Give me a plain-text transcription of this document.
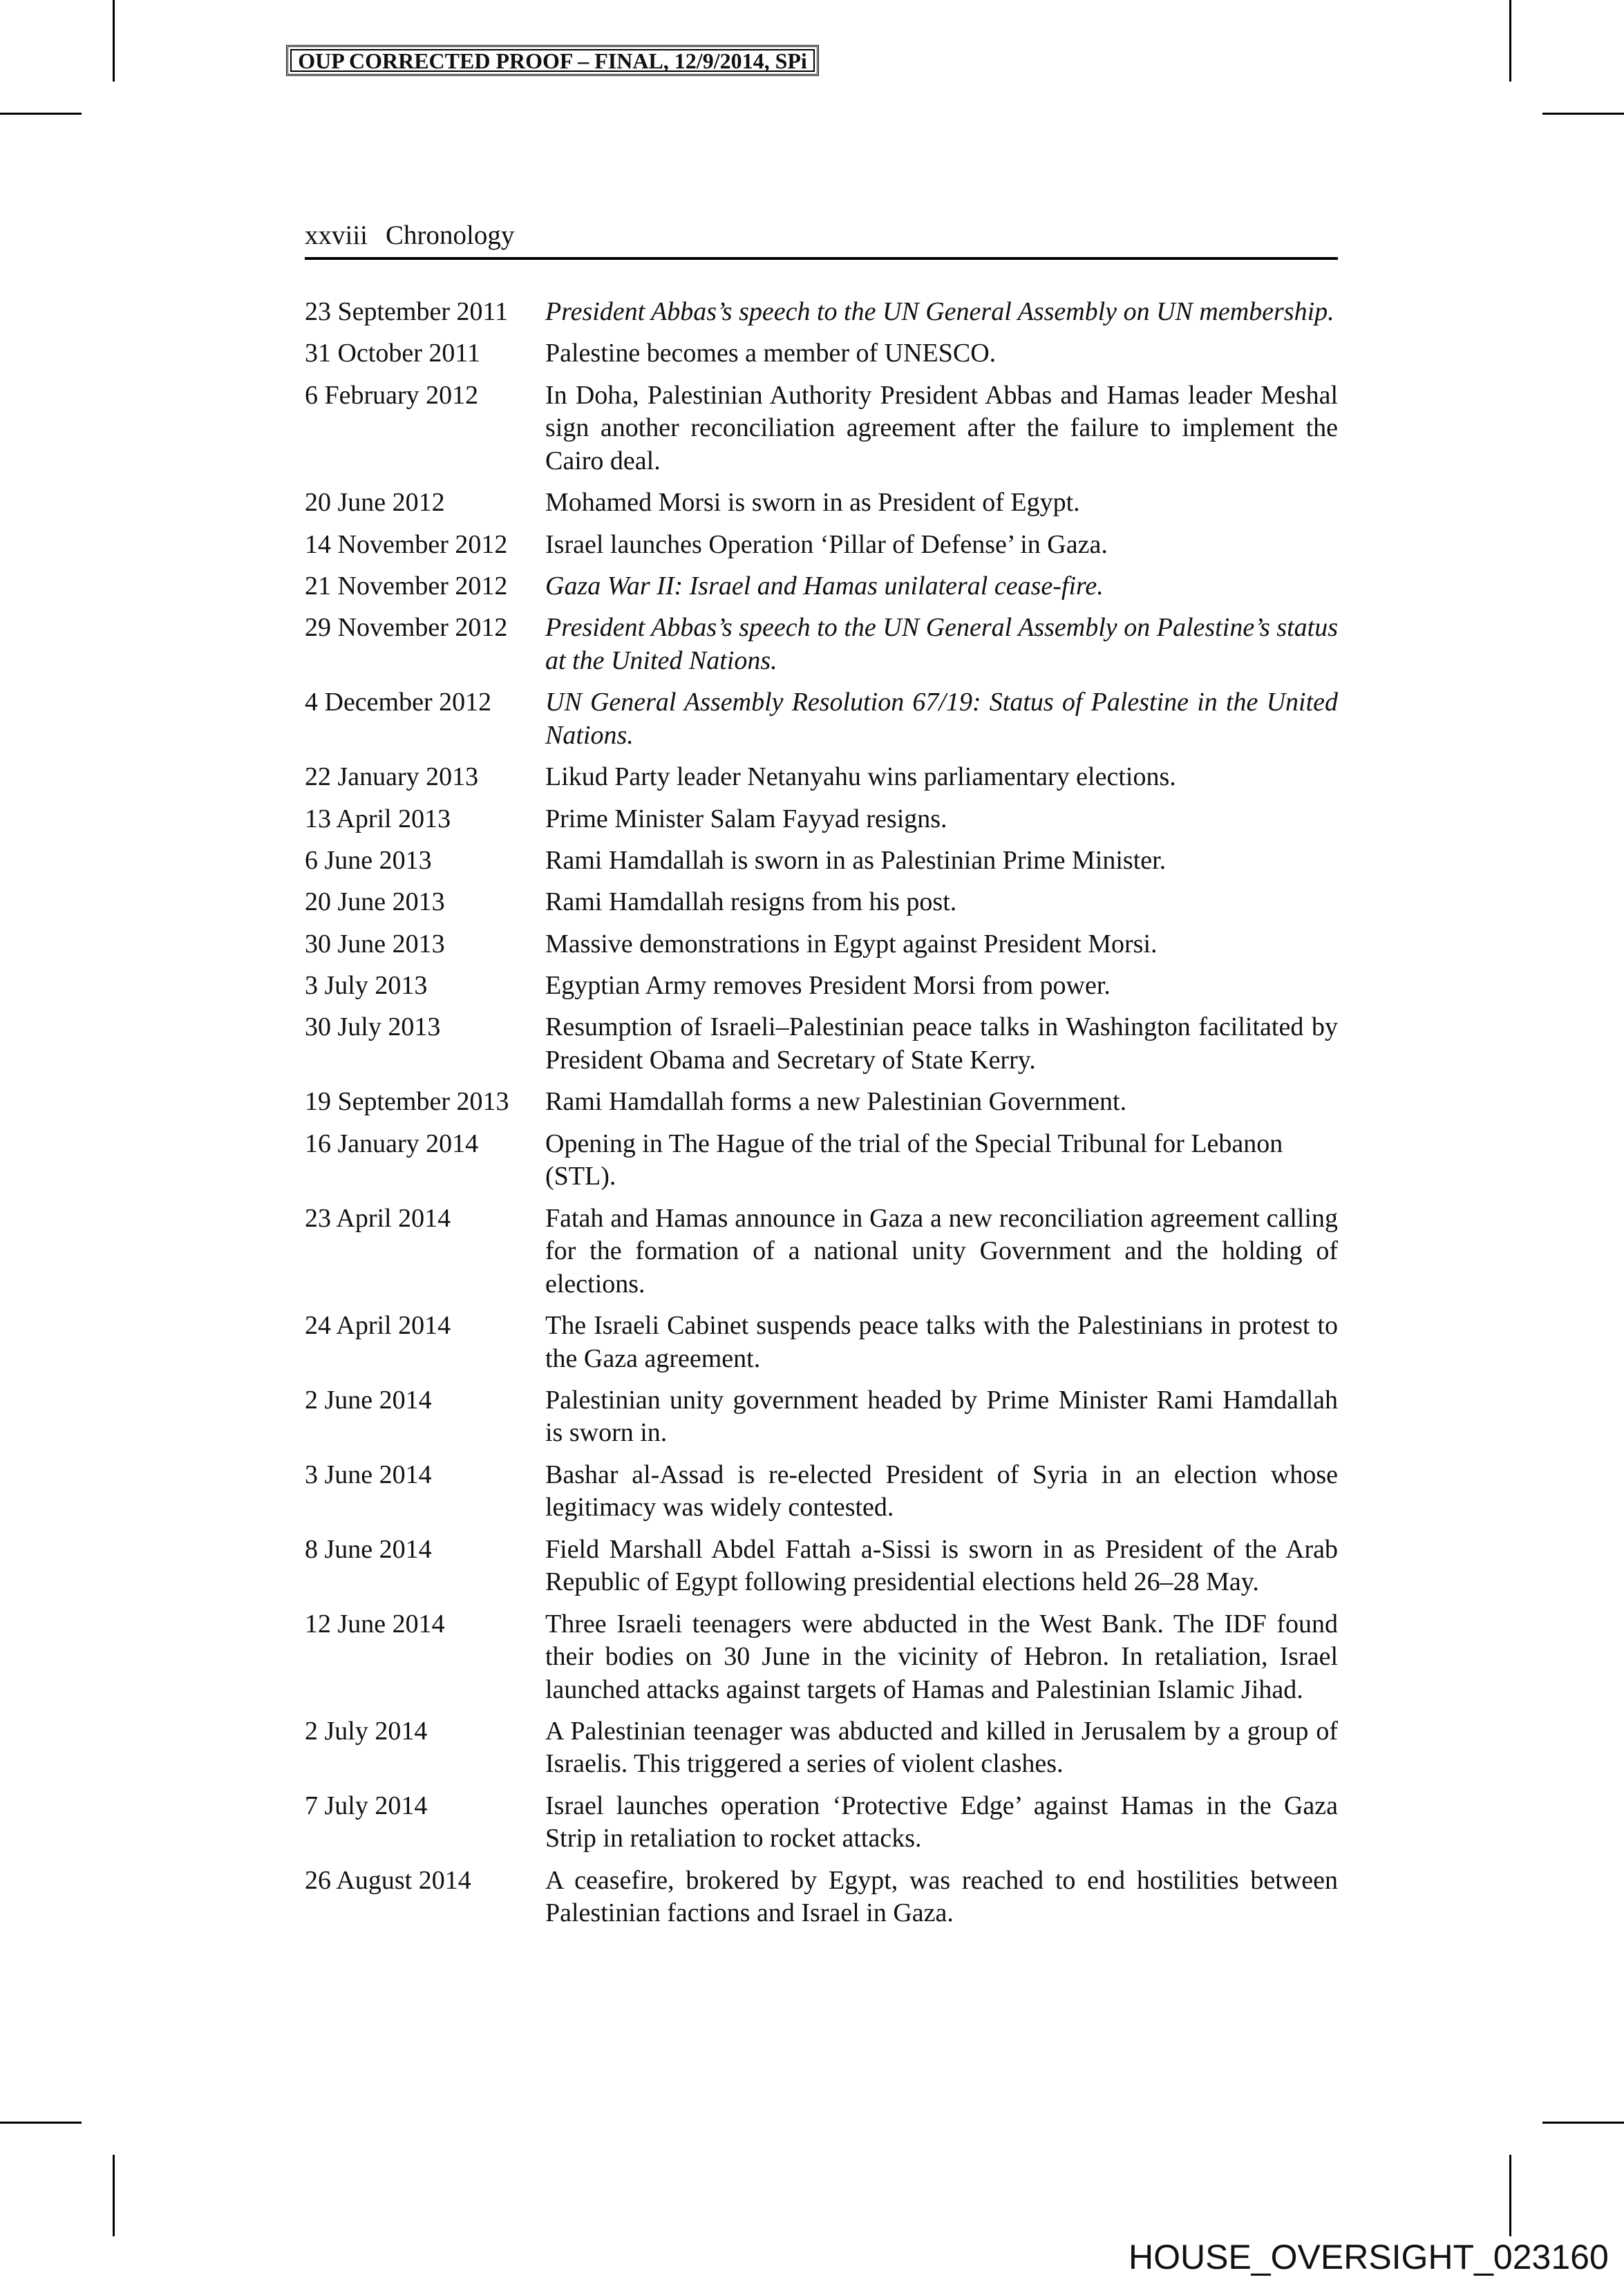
OUP CORRECTED PROOF – FINAL, 12/9/2014, SPi
xxviii Chronology
23 September 2011	President Abbas’s speech to the UN General Assembly on UN membership.
31 October 2011	Palestine becomes a member of UNESCO.
6 February 2012	In Doha, Palestinian Authority President Abbas and Hamas leader Meshal sign another reconciliation agreement after the failure to implement the Cairo deal.
20 June 2012	Mohamed Morsi is sworn in as President of Egypt.
14 November 2012	Israel launches Operation ‘Pillar of Defense’ in Gaza.
21 November 2012	Gaza War II: Israel and Hamas unilateral cease-fire.
29 November 2012	President Abbas’s speech to the UN General Assembly on Palestine’s status at the United Nations.
4 December 2012	UN General Assembly Resolution 67/19: Status of Palestine in the United Nations.
22 January 2013	Likud Party leader Netanyahu wins parliamentary elections.
13 April 2013	Prime Minister Salam Fayyad resigns.
6 June 2013	Rami Hamdallah is sworn in as Palestinian Prime Minister.
20 June 2013	Rami Hamdallah resigns from his post.
30 June 2013	Massive demonstrations in Egypt against President Morsi.
3 July 2013	Egyptian Army removes President Morsi from power.
30 July 2013	Resumption of Israeli–Palestinian peace talks in Washington facilitated by President Obama and Secretary of State Kerry.
19 September 2013	Rami Hamdallah forms a new Palestinian Government.
16 January 2014	Opening in The Hague of the trial of the Special Tribunal for Lebanon (STL).
23 April 2014	Fatah and Hamas announce in Gaza a new reconciliation agreement calling for the formation of a national unity Government and the holding of elections.
24 April 2014	The Israeli Cabinet suspends peace talks with the Palestinians in protest to the Gaza agreement.
2 June 2014	Palestinian unity government headed by Prime Minister Rami Hamdallah is sworn in.
3 June 2014	Bashar al-Assad is re-elected President of Syria in an election whose legitimacy was widely contested.
8 June 2014	Field Marshall Abdel Fattah a-Sissi is sworn in as President of the Arab Republic of Egypt following presidential elections held 26–28 May.
12 June 2014	Three Israeli teenagers were abducted in the West Bank. The IDF found their bodies on 30 June in the vicinity of Hebron. In retaliation, Israel launched attacks against targets of Hamas and Palestinian Islamic Jihad.
2 July 2014	A Palestinian teenager was abducted and killed in Jerusalem by a group of Israelis. This triggered a series of violent clashes.
7 July 2014	Israel launches operation ‘Protective Edge’ against Hamas in the Gaza Strip in retaliation to rocket attacks.
26 August 2014	A ceasefire, brokered by Egypt, was reached to end hostilities between Palestinian factions and Israel in Gaza.
HOUSE_OVERSIGHT_023160
